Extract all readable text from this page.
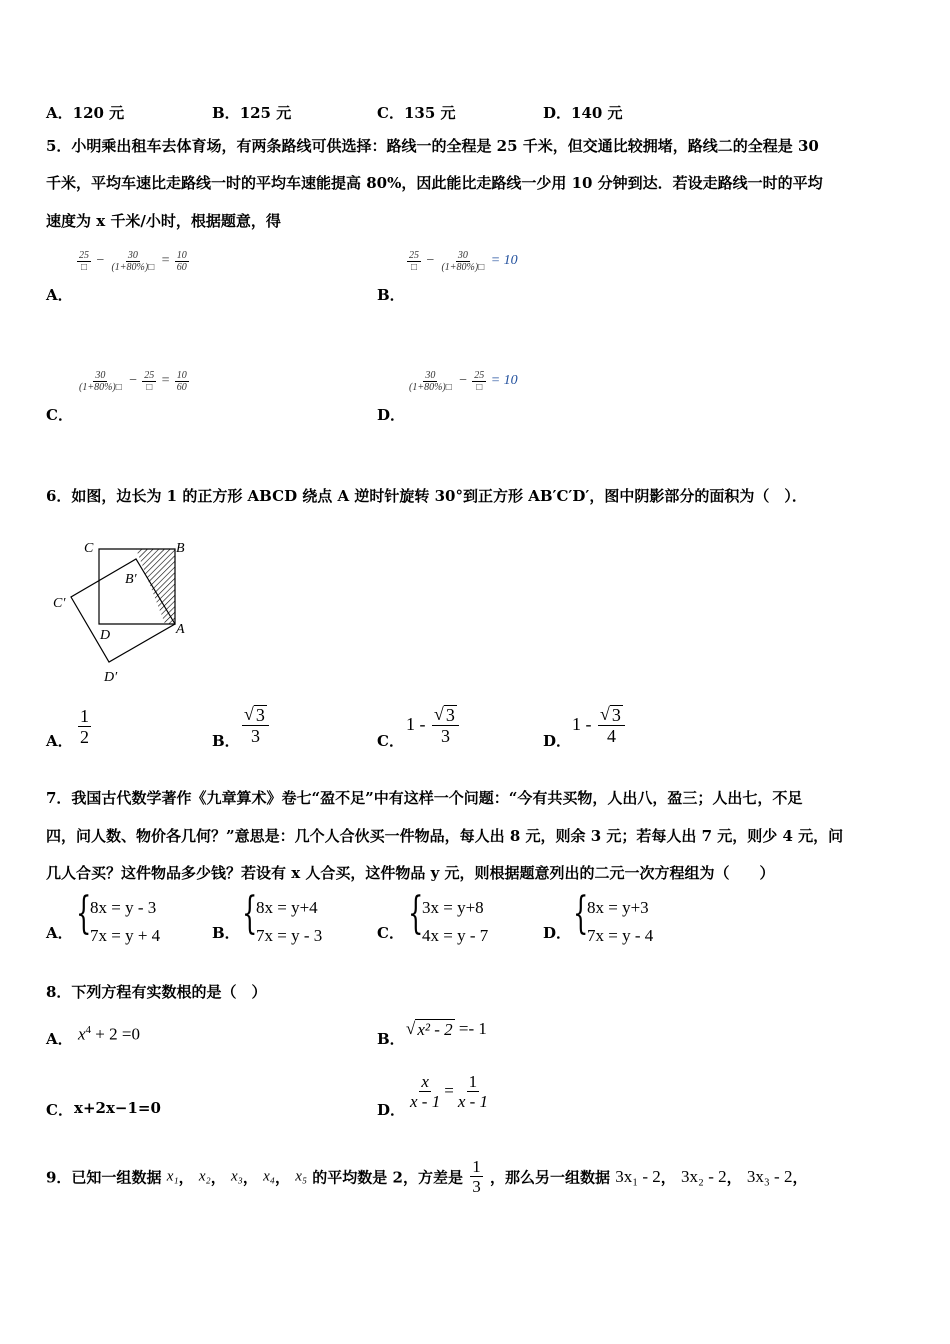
A．120 元	B．125 元	C．135 元	D．140 元
5．小明乘出租车去体育场，有两条路线可供选择：路线一的全程是 25 千米，但交通比较拥堵，路线二的全程是 30
千米，平均车速比走路线一时的平均车速能提高 80%，因此能比走路线一少用 10 分钟到达．若设走路线一时的平均
速度为 x 千米/小时，根据题意，得
$\frac{25}{□} - \frac{30}{(1+80\%)□} = \frac{10}{60}$
A．
$\frac{25}{□} - \frac{30}{(1+80\%)□} = 10$
B．
$\frac{30}{(1+80\%)□} - \frac{25}{□} = \frac{10}{60}$
C．
$\frac{30}{(1+80\%)□} - \frac{25}{□} = 10$
D．
6．如图，边长为 1 的正方形 ABCD 绕点 A 逆时针旋转 30°到正方形 AB′C′D′，图中阴影部分的面积为（　）．
C	B
B′
C′
D	A
D′
A． $\frac{1}{2}$	B． $\frac{√ 3}{3}$	C．
$1 - \frac{√ 3}{3}$	D．
$1 - \frac{√ 3}{4}$
7．我国古代数学著作《九章算术》卷七“盈不足”中有这样一个问题：“今有共买物，人出八，盈三；人出七，不足
四，问人数、物价各几何？”意思是：几个人合伙买一件物品，每人出 8 元，则余 3 元；若每人出 7 元，则少 4 元，问
几人合买？这件物品多少钱？若设有 x 人合买，这件物品 y 元，则根据题意列出的二元一次方程组为（　　）
A． {
8x = y - 3
7x = y + 4	B． {
8x = y+4
7x = y - 3	C． {
3x = y+8
4x = y - 7	D． {
8x = y+3
7x = y - 4
8．下列方程有实数根的是（　）
A． $x^4 + 2 =0$	B．
√ x² - 2 =- 1
C． x+2x−1=0	D． $\frac{x}{x - 1} = \frac{1}{x - 1}$
9．已知一组数据 x₁， x₂， x₃， x₄， x₅ 的平均数是 2，方差是 $\frac{1}{3}$ ，那么另一组数据 3x₁ - 2， 3x₂ - 2， 3x₃ - 2，
